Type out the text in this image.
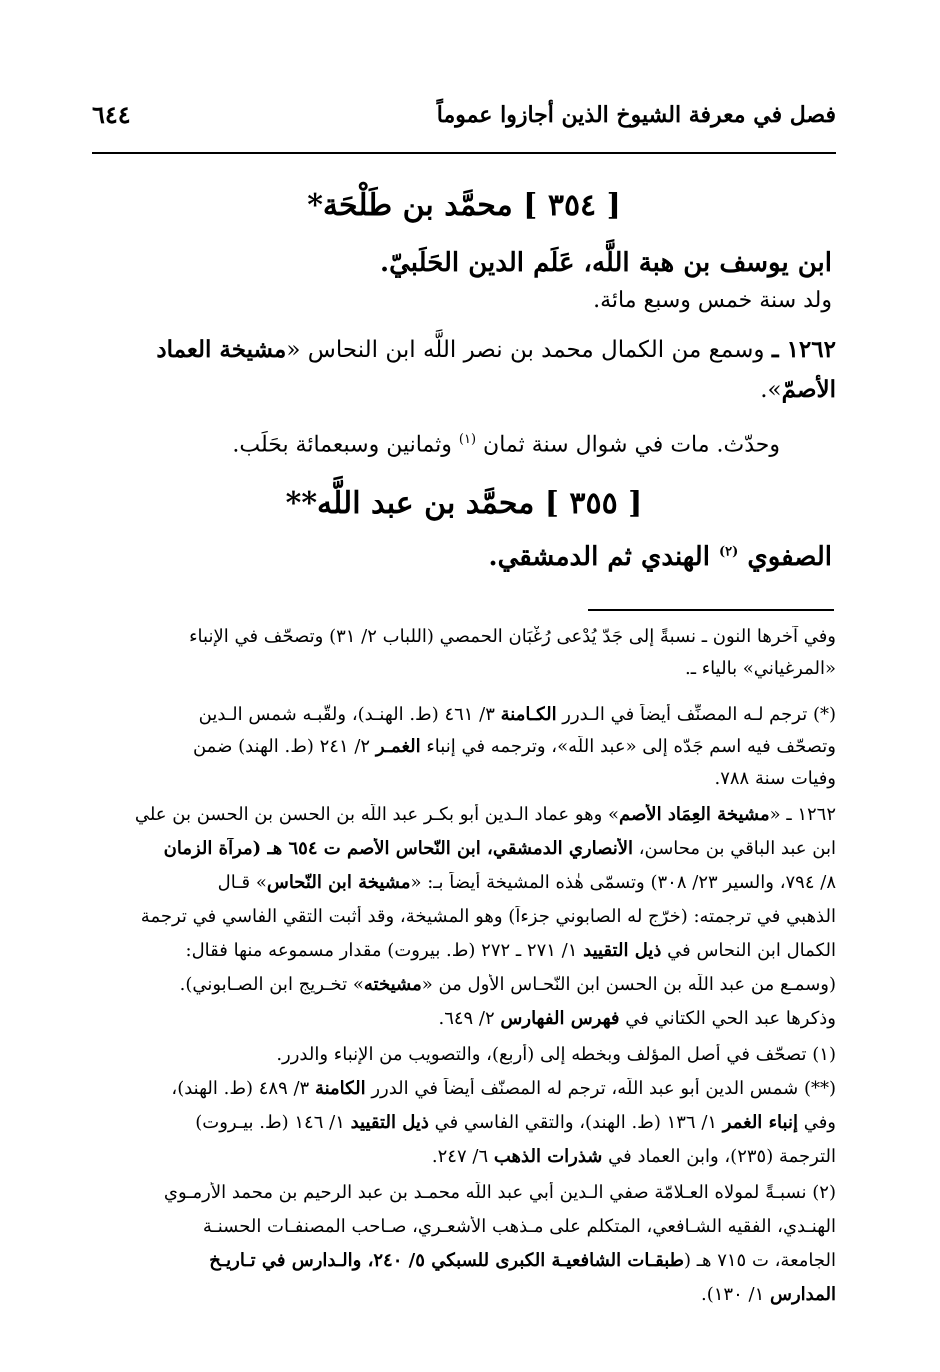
فصل في معرفة الشيوخ الذين أجازوا عموماً
٦٤٤
[ ٣٥٤ ] محمَّد بن طَلْحَة*
ابن يوسف بن هبة اللَّه، عَلَم الدين الحَلَبيّ.
ولد سنة خمس وسبع مائة.
١٢٦٢ ـ وسمع من الكمال محمد بن نصر اللَّه ابن النحاس «مشيخة العماد
الأصمّ».
وحدّث. مات في شوال سنة ثمان $^{(١)}$ وثمانين وسبعمائة بحَلَب.
[ ٣٥٥ ] محمَّد بن عبد اللَّه**
الصفوي $^{(٢)}$ الهندي ثم الدمشقي.
وفي آخرها النون ـ نسبةً إلى جَدّ يُدْعى رُغْبَان الحمصي (اللباب ٢/ ٣١) وتصحّف في الإنباء
«المرغياني» بالياء ـ.
(*) ترجم لـه المصنِّف أيضاً في الـدرر الكـامنة ٣/ ٤٦١ (ط. الهنـد)، ولقّبـه شمس الـدين
وتصحّف فيه اسم جَدّه إلى «عبد اللَّه»، وترجمه في إنباء الغمـر ٢/ ٢٤١ (ط. الهند) ضمن
وفيات سنة ٧٨٨.
١٢٦٢ ـ «مشيخة العِمَاد الأصم» وهو عماد الـدين أبو بكـر عبد اللّه بن الحسن بن الحسن بن علي
ابن عبد الباقي بن محاسن، الأنصاري الدمشقي، ابن النّحاس الأصم ت ٦٥٤ هـ (مرآة الزمان
٨/ ٧٩٤، والسير ٢٣/ ٣٠٨) وتسمّى هٰذه المشيخة أيضاً بـ: «مشيخة ابن النّحاس» قـال
الذهبي في ترجمته: (خرّج له الصابوني جزءاً) وهو المشيخة، وقد أثبت التقي الفاسي في ترجمة
الكمال ابن النحاس في ذيل التقييد ١/ ٢٧١ ـ ٢٧٢ (ط. بيروت) مقدار مسموعه منها فقال:
(وسمـع من عبد اللّه بن الحسن ابن النّحـاس الأول من «مشيخته» تخـريج ابن الصـابوني).
وذكرها عبد الحي الكتاني في فهرس الفهارس ٢/ ٦٤٩.
(١) تصحّف في أصل المؤلف وبخطه إلى (أربع)، والتصويب من الإنباء والدرر.
(**) شمس الدين أبو عبد اللّه، ترجم له المصنّف أيضاً في الدرر الكامنة ٣/ ٤٨٩ (ط. الهند)،
وفي إنباء الغمر ١/ ١٣٦ (ط. الهند)، والتقي الفاسي في ذيل التقييد ١/ ١٤٦ (ط. بيـروت)
الترجمة (٢٣٥)، وابن العماد في شذرات الذهب ٦/ ٢٤٧.
(٢) نسبـةً لمولاه العـلامّة صفي الـدين أبي عبد اللّه محمـد بن عبد الرحيم بن محمد الأرمـوي
الهنـدي، الفقيه الشـافعي، المتكلم على مـذهب الأشعـري، صـاحب المصنفـات الحسنـة
الجامعة، ت ٧١٥ هـ (طبقـات الشافعيـة الكبرى للسبكي ٥/ ٢٤٠، والـدارس في تـاريـخ
المدارس ١/ ١٣٠).
